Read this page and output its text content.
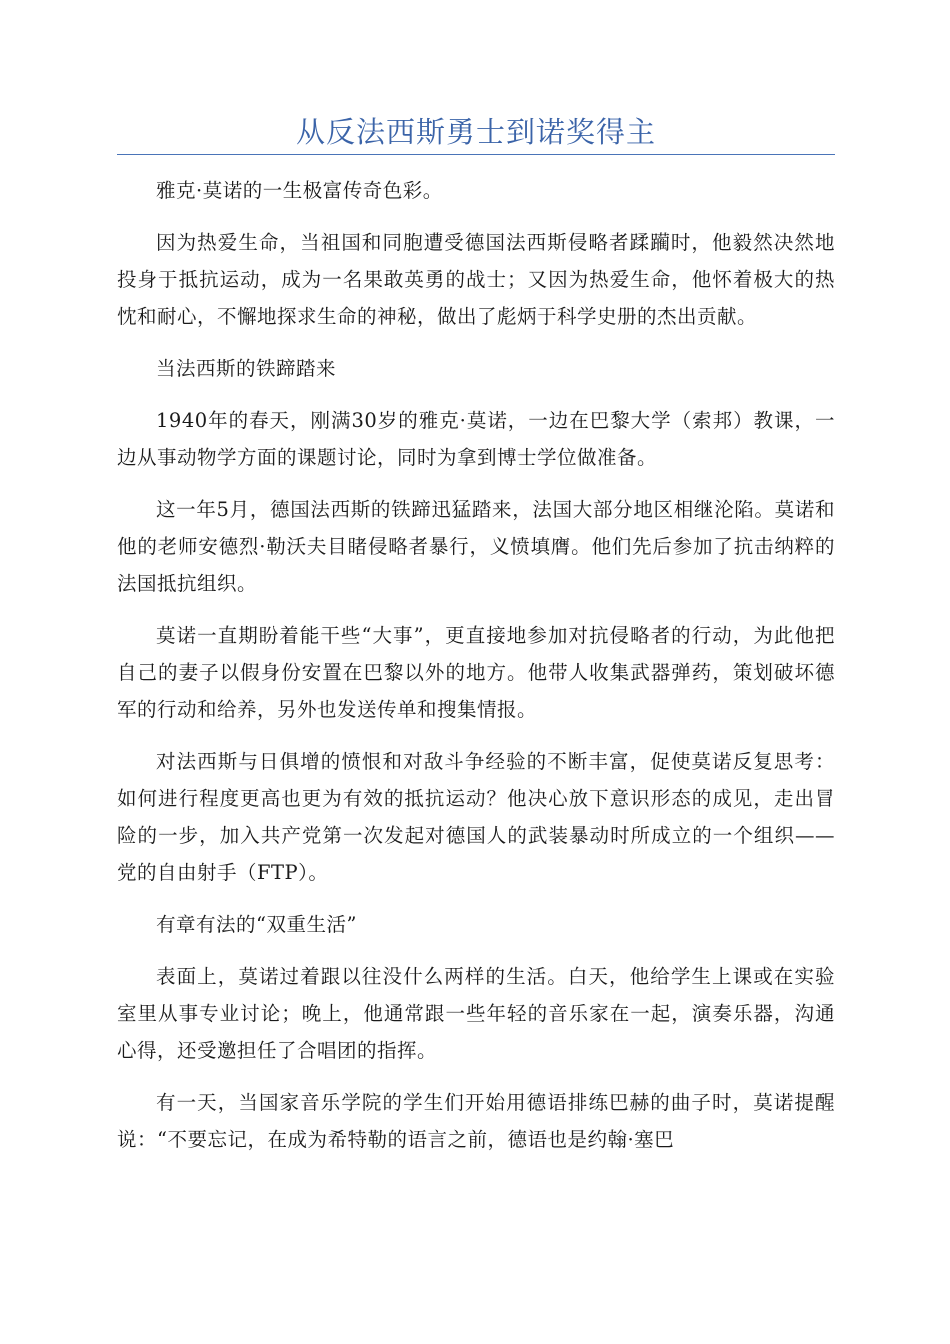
从反法西斯勇士到诺奖得主

雅克·莫诺的一生极富传奇色彩。

因为热爱生命，当祖国和同胞遭受德国法西斯侵略者蹂躏时，他毅然决然地投身于抵抗运动，成为一名果敢英勇的战士；又因为热爱生命，他怀着极大的热忱和耐心，不懈地探求生命的神秘，做出了彪炳于科学史册的杰出贡献。

当法西斯的铁蹄踏来

1940年的春天，刚满30岁的雅克·莫诺，一边在巴黎大学（索邦）教课，一边从事动物学方面的课题讨论，同时为拿到博士学位做准备。

这一年5月，德国法西斯的铁蹄迅猛踏来，法国大部分地区相继沦陷。莫诺和他的老师安德烈·勒沃夫目睹侵略者暴行，义愤填膺。他们先后参加了抗击纳粹的法国抵抗组织。

莫诺一直期盼着能干些“大事”，更直接地参加对抗侵略者的行动，为此他把自己的妻子以假身份安置在巴黎以外的地方。他带人收集武器弹药，策划破坏德军的行动和给养，另外也发送传单和搜集情报。

对法西斯与日俱增的愤恨和对敌斗争经验的不断丰富，促使莫诺反复思考：如何进行程度更高也更为有效的抵抗运动？他决心放下意识形态的成见，走出冒险的一步，加入共产党第一次发起对德国人的武装暴动时所成立的一个组织——党的自由射手（FTP）。

有章有法的“双重生活”

表面上，莫诺过着跟以往没什么两样的生活。白天，他给学生上课或在实验室里从事专业讨论；晚上，他通常跟一些年轻的音乐家在一起，演奏乐器，沟通心得，还受邀担任了合唱团的指挥。

有一天，当国家音乐学院的学生们开始用德语排练巴赫的曲子时，莫诺提醒说：“不要忘记，在成为希特勒的语言之前，德语也是约翰·塞巴
